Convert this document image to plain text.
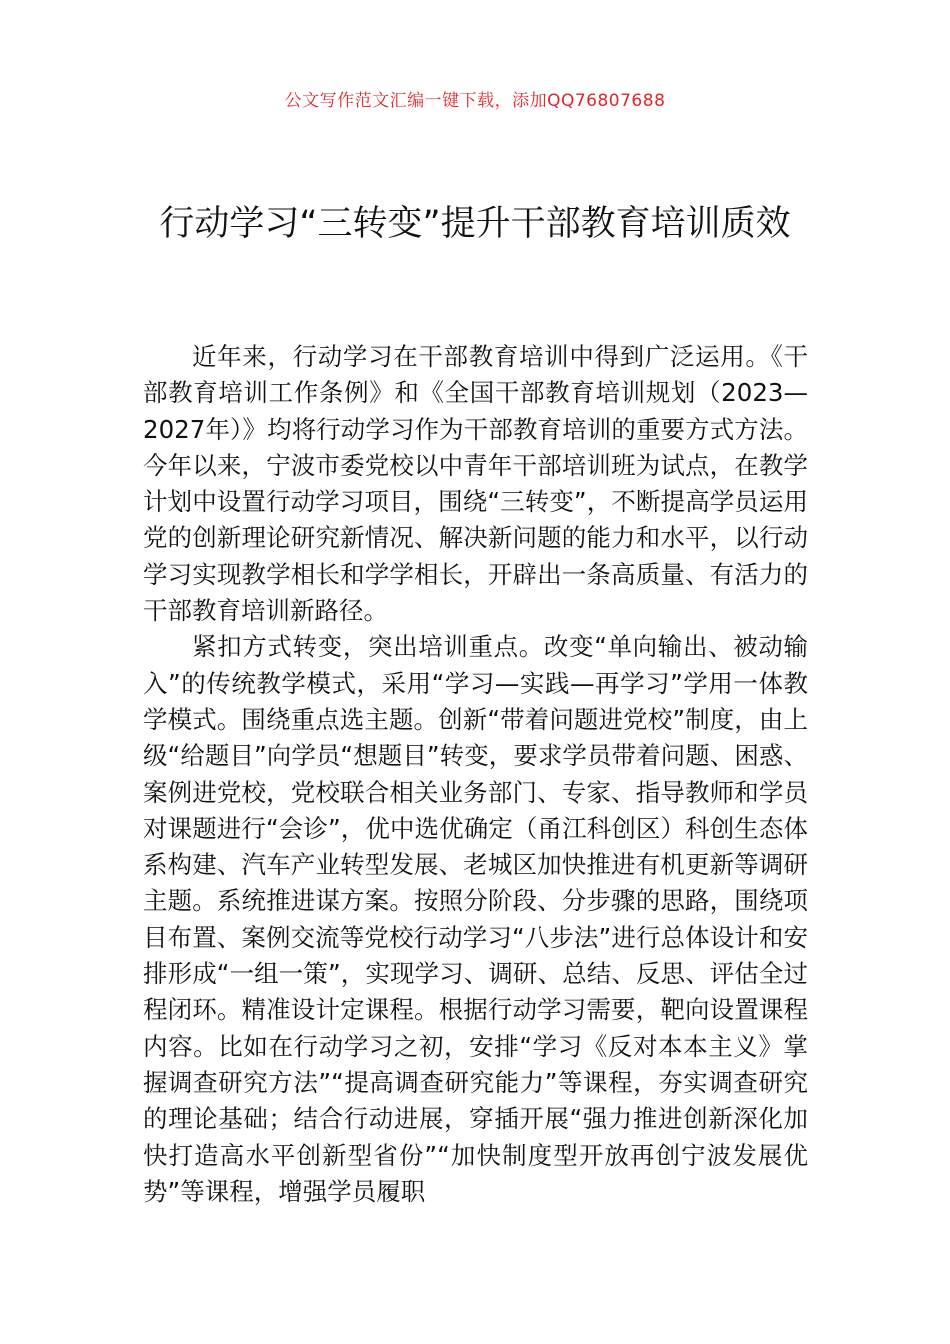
公文写作范文汇编一键下载，添加QQ76807688
行动学习“三转变”提升干部教育培训质效

近年来，行动学习在干部教育培训中得到广泛运用。《干部教育培训工作条例》和《全国干部教育培训规划（2023—2027年）》均将行动学习作为干部教育培训的重要方式方法。今年以来，宁波市委党校以中青年干部培训班为试点，在教学计划中设置行动学习项目，围绕“三转变”，不断提高学员运用党的创新理论研究新情况、解决新问题的能力和水平，以行动学习实现教学相长和学学相长，开辟出一条高质量、有活力的干部教育培训新路径。

紧扣方式转变，突出培训重点。改变“单向输出、被动输入”的传统教学模式，采用“学习—实践—再学习”学用一体教学模式。围绕重点选主题。创新“带着问题进党校”制度，由上级“给题目”向学员“想题目”转变，要求学员带着问题、困惑、案例进党校，党校联合相关业务部门、专家、指导教师和学员对课题进行“会诊”，优中选优确定（甬江科创区）科创生态体系构建、汽车产业转型发展、老城区加快推进有机更新等调研主题。系统推进谋方案。按照分阶段、分步骤的思路，围绕项目布置、案例交流等党校行动学习“八步法”进行总体设计和安排形成“一组一策”，实现学习、调研、总结、反思、评估全过程闭环。精准设计定课程。根据行动学习需要，靶向设置课程内容。比如在行动学习之初，安排“学习《反对本本主义》掌握调查研究方法”“提高调查研究能力”等课程，夯实调查研究的理论基础；结合行动进展，穿插开展“强力推进创新深化加快打造高水平创新型省份”“加快制度型开放再创宁波发展优势”等课程，增强学员履职
